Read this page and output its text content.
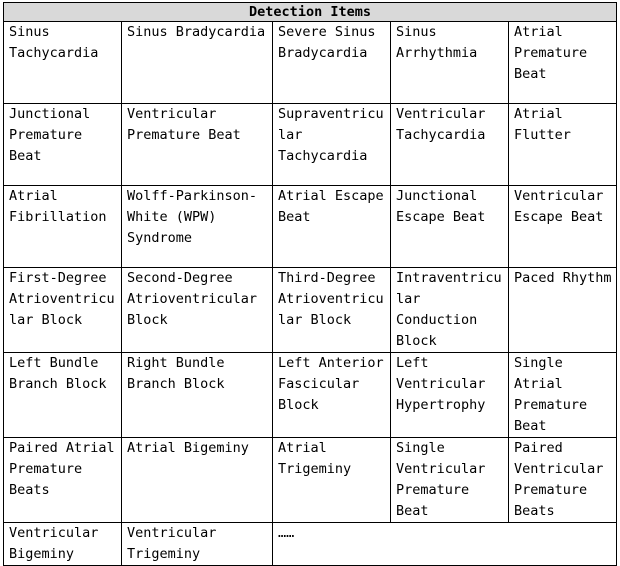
Detection Items				
Sinus Tachycardia	Sinus Bradycardia	Severe Sinus Bradycardia	Sinus Arrhythmia	Atrial Premature Beat
Junctional Premature Beat	Ventricular Premature Beat	Supraventricular Tachycardia	Ventricular Tachycardia	Atrial Flutter
Atrial Fibrillation	Wolff-Parkinson-White (WPW) Syndrome	Atrial Escape Beat	Junctional Escape Beat	Ventricular Escape Beat
First-Degree Atrioventricular Block	Second-Degree Atrioventricular Block	Third-Degree Atrioventricular Block	Intraventricular Conduction Block	Paced Rhythm
Left Bundle Branch Block	Right Bundle Branch Block	Left Anterior Fascicular Block	Left Ventricular Hypertrophy	Single Atrial Premature Beat
Paired Atrial Premature Beats	Atrial Bigeminy	Atrial Trigeminy	Single Ventricular Premature Beat	Paired Ventricular Premature Beats
Ventricular Bigeminy	Ventricular Trigeminy	……		
